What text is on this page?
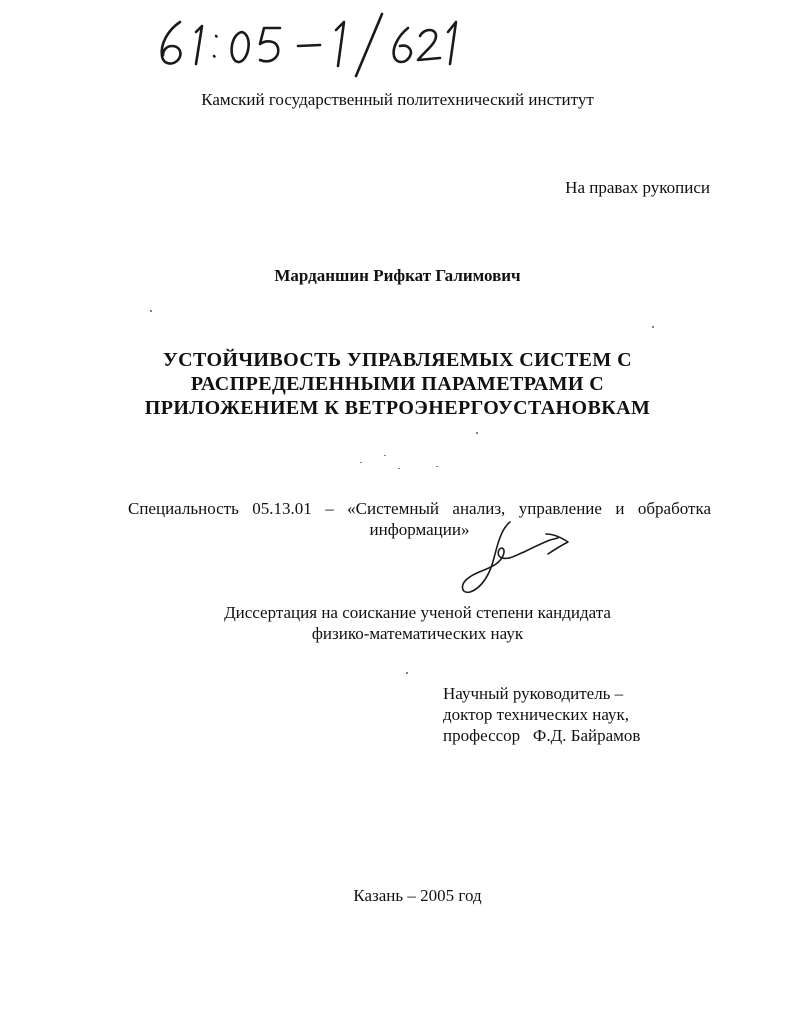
Камский государственный политехнический институт
На правах рукописи
Марданшин Рифкат Галимович
УСТОЙЧИВОСТЬ УПРАВЛЯЕМЫХ СИСТЕМ С
РАСПРЕДЕЛЕННЫМИ ПАРАМЕТРАМИ С
ПРИЛОЖЕНИЕМ К ВЕТРОЭНЕРГОУСТАНОВКАМ
Специальность 05.13.01 – «Системный анализ, управление и обработка
информации»
Диссертация на соискание ученой степени кандидата
физико-математических наук
Научный руководитель –
доктор технических наук,
профессор   Ф.Д. Байрамов
Казань – 2005 год
